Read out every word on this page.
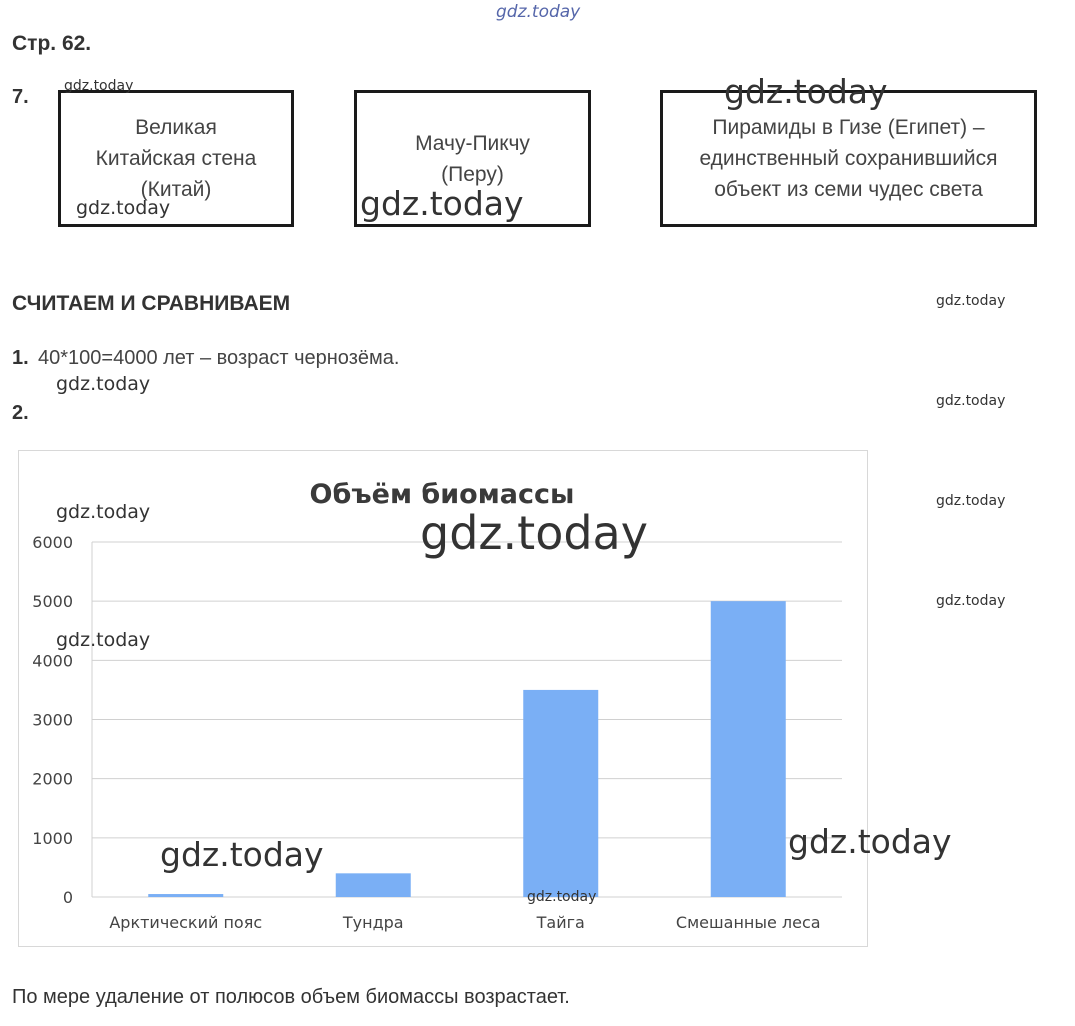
gdz.today
Стр. 62.
7.
Великая
Китайская стена
(Китай)
Мачу-Пикчу
(Перу)
Пирамиды в Гизе (Египет) –
единственный сохранившийся
объект из семи чудес света
СЧИТАЕМ И СРАВНИВАЕМ
1. 40*100=4000 лет – возраст чернозёма.
2.
Объём биомассы
0
1000
2000
3000
4000
5000
6000
Арктический пояс	Тундра	Тайга	Смешанные леса
По мере удаление от полюсов объем биомассы возрастает.
gdz.today	gdz.today
gdz.today	gdz.today
gdz.today
gdz.today
gdz.today
gdz.today
gdz.today	gdz.today
gdz.today
gdz.today
gdz.today
gdz.today
gdz.today
